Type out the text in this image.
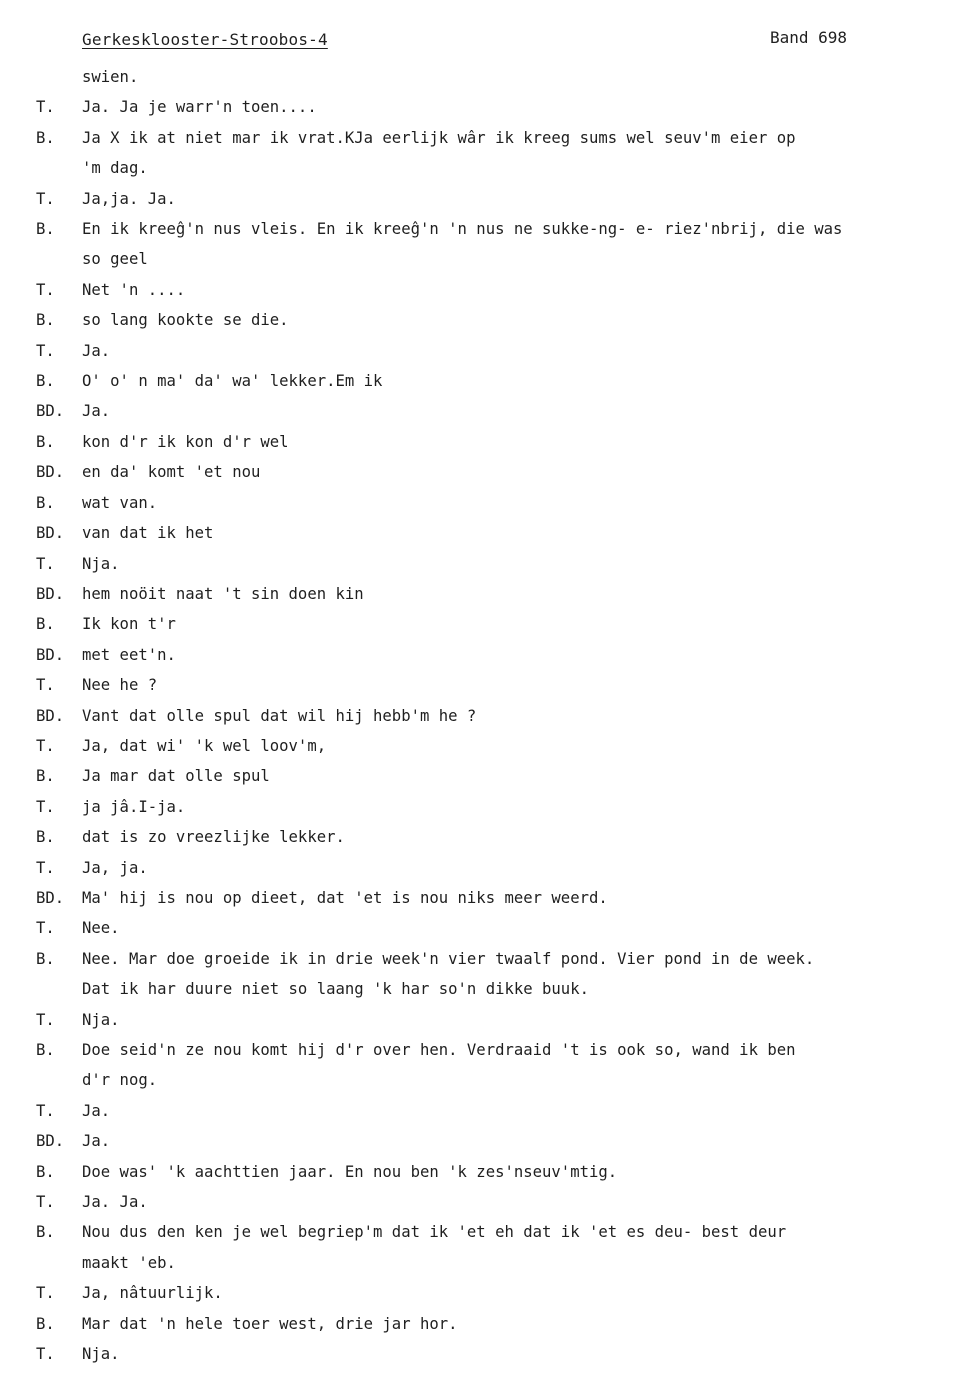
Gerkesklooster-Stroobos-4	Band 698
swien.
T.	Ja. Ja je warr'n toen....
B.	Ja X ik at niet mar ik vrat.KJa eerlijk wâr ik kreeg sums wel seuv'm eier op
'm dag.
T.	Ja,ja. Ja.
B.	En ik kreeĝ'n nus vleis. En ik kreeĝ'n 'n nus ne sukke-ng- e- riez'nbrij, die was
so geel
T.	Net 'n ....
B.	so lang kookte se die.
T.	Ja.
B.	O' o' n ma' da' wa' lekker.Em ik
BD.	Ja.
B.	kon d'r ik kon d'r wel
BD.	en da' komt 'et nou
B.	wat van.
BD.	van dat ik het
T.	Nja.
BD.	hem noöit naat 't sin doen kin
B.	Ik kon t'r
BD.	met eet'n.
T.	Nee he ?
BD.	Vant dat olle spul dat wil hij hebb'm he ?
T.	Ja, dat wi' 'k wel loov'm,
B.	Ja mar dat olle spul
T.	ja jâ.I-ja.
B.	dat is zo vreezlijke lekker.
T.	Ja, ja.
BD.	Ma' hij is nou op dieet, dat 'et is nou niks meer weerd.
T.	Nee.
B.	Nee. Mar doe groeide ik in drie week'n vier twaalf pond. Vier pond in de week.
Dat ik har duure niet so laang 'k har so'n dikke buuk.
T.	Nja.
B.	Doe seid'n ze nou komt hij d'r over hen. Verdraaid 't is ook so, wand ik ben
d'r nog.
T.	Ja.
BD.	Ja.
B.	Doe was' 'k aachttien jaar. En nou ben 'k zes'nseuv'mtig.
T.	Ja. Ja.
B.	Nou dus den ken je wel begriep'm dat ik 'et eh dat ik 'et es deu- best deur
maakt 'eb.
T.	Ja, nâtuurlijk.
B.	Mar dat 'n hele toer west, drie jar hor.
T.	Nja.
